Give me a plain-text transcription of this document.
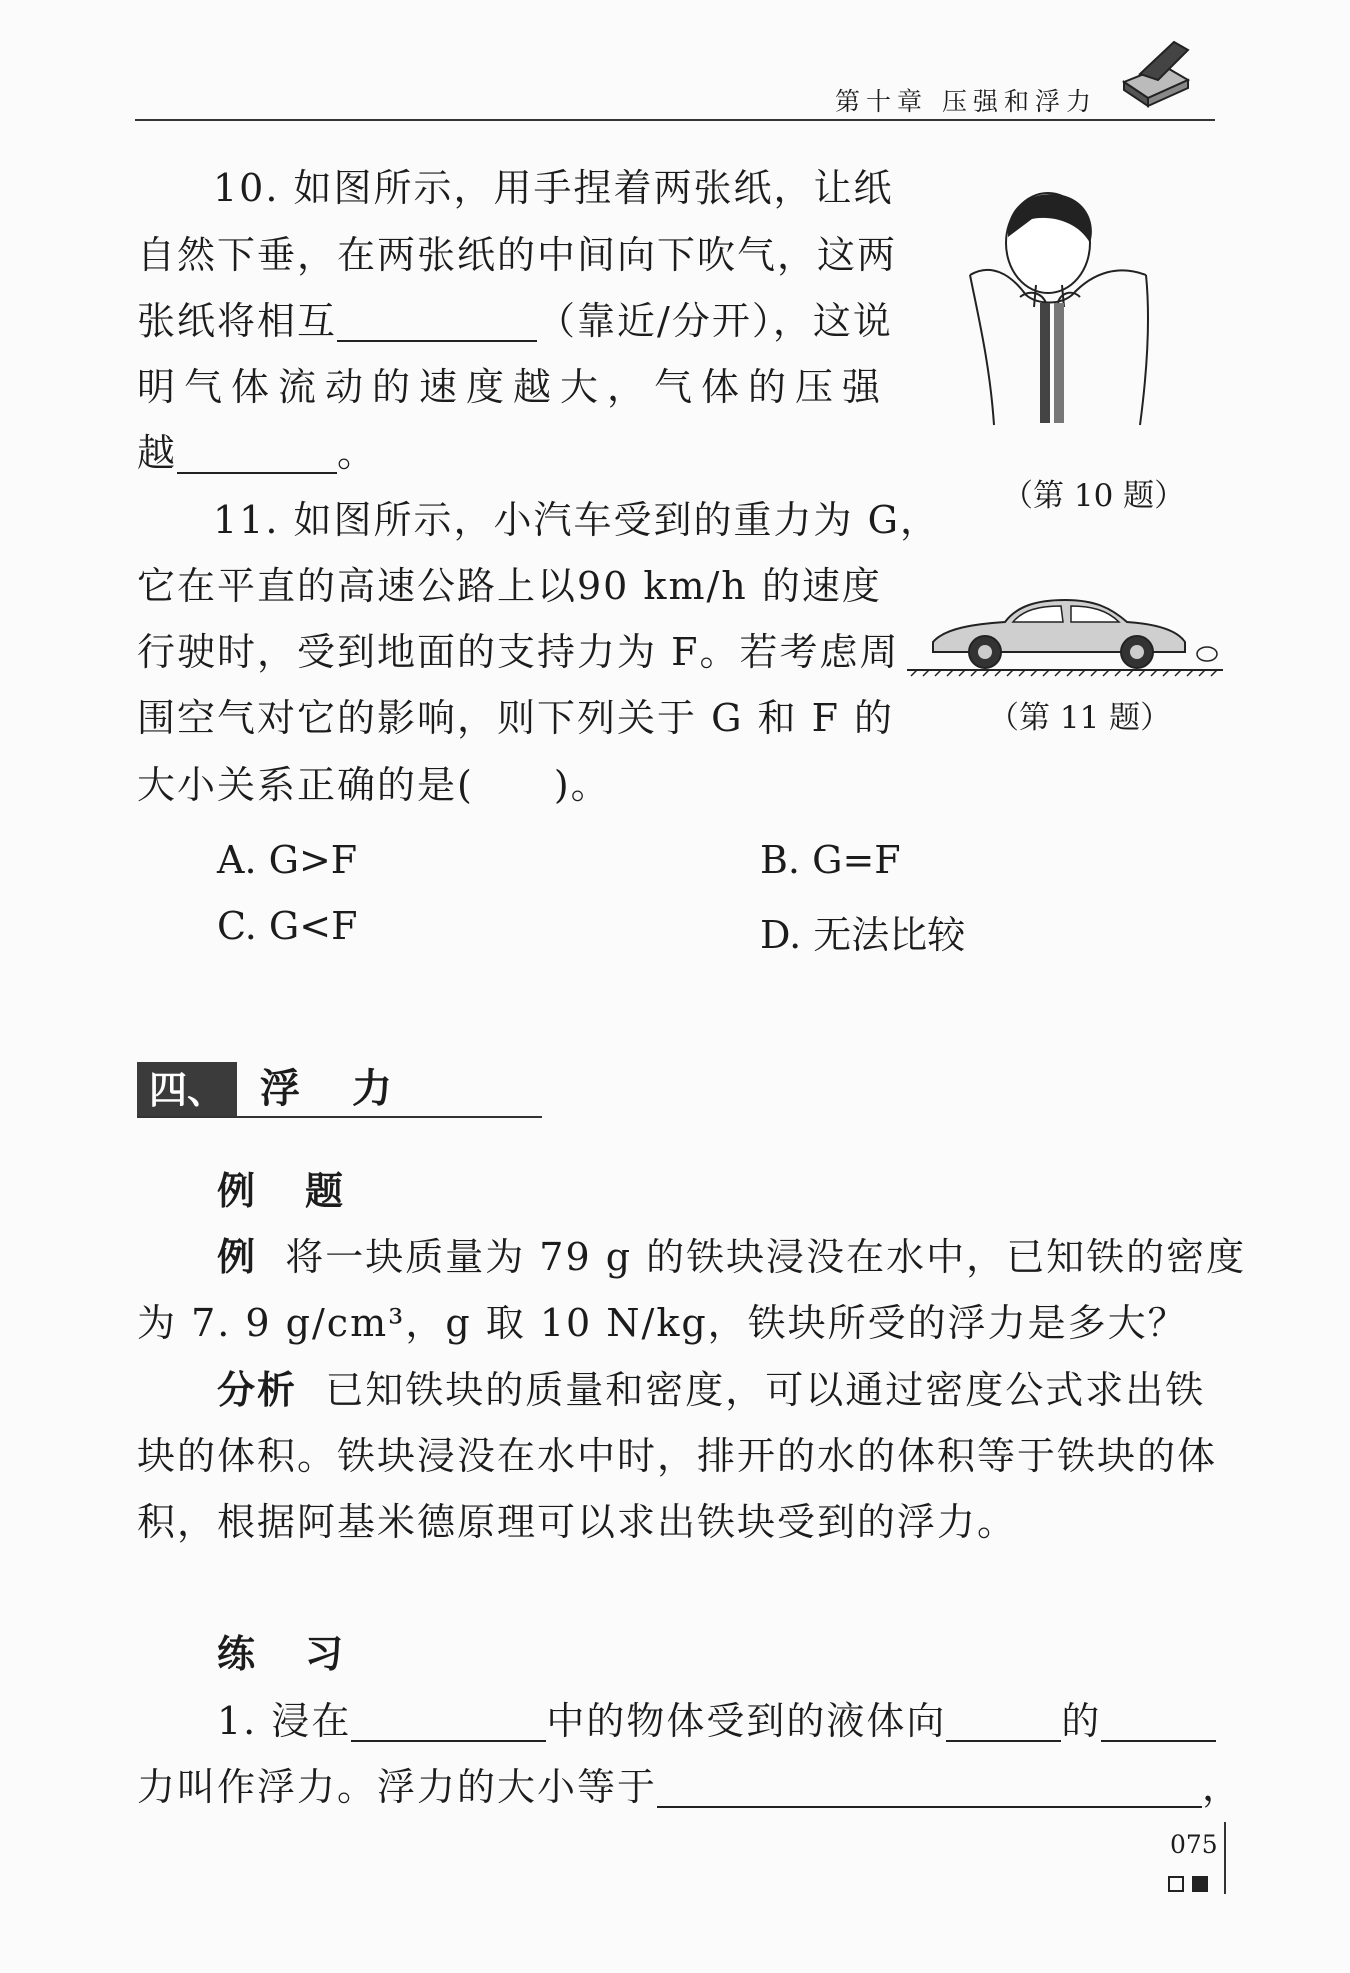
第十章 压强和浮力
10. 如图所示，用手捏着两张纸，让纸
自然下垂，在两张纸的中间向下吹气，这两
张纸将相互	（靠近/分开），这说
明气体流动的速度越大，气体的压强
越	。
（第 10 题）
11. 如图所示，小汽车受到的重力为 G，
它在平直的高速公路上以90 km/h 的速度
行驶时，受到地面的支持力为 F。若考虑周
围空气对它的影响，则下列关于 G 和 F 的
大小关系正确的是(　　)。
（第 11 题）
A. G>F	B. G=F
C. G<F	D. 无法比较
四、 浮　力
例　题
例 将一块质量为 79 g 的铁块浸没在水中，已知铁的密度
为 7. 9 g/cm³，g 取 10 N/kg，铁块所受的浮力是多大？
分析 已知铁块的质量和密度，可以通过密度公式求出铁
块的体积。铁块浸没在水中时，排开的水的体积等于铁块的体
积，根据阿基米德原理可以求出铁块受到的浮力。
练　习
1. 浸在	中的物体受到的液体向	的
力叫作浮力。浮力的大小等于	，
075
